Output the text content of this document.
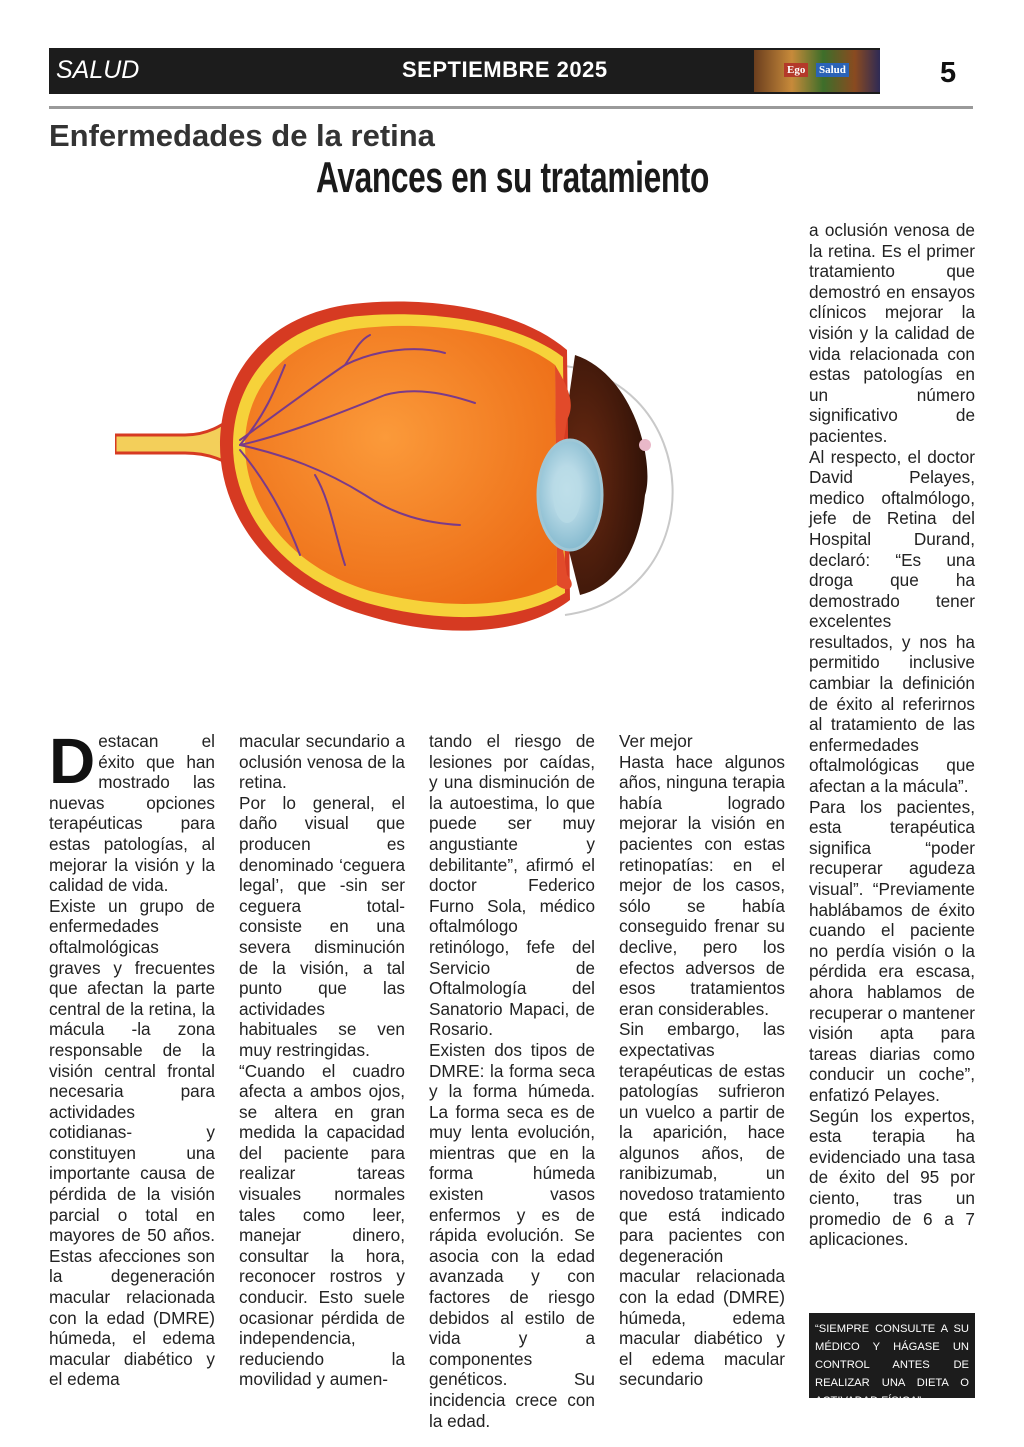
SALUD	SEPTIEMBRE 2025	Ego Salud	5
Enfermedades de la retina
Avances en su tratamiento
D estacan el éxito que han mostrado las nuevas opciones terapéuticas para estas patologías, al mejorar la visión y la calidad de vida.

Existe un grupo de enfermedades oftalmológicas graves y frecuentes que afectan la parte central de la retina, la mácula -la zona responsable de la visión central frontal necesaria para actividades cotidianas- y constituyen una importante causa de pérdida de la visión parcial o total en mayores de 50 años. Estas afecciones son la degeneración macular relacionada con la edad (DMRE) húmeda, el edema macular diabético y el edema

macular secundario a oclusión venosa de la retina.

Por lo general, el daño visual que producen es denominado ‘ceguera legal’, que -sin ser ceguera total- consiste en una severa disminución de la visión, a tal punto que las actividades habituales se ven muy restringidas.

“Cuando el cuadro afecta a ambos ojos, se altera en gran medida la capacidad del paciente para realizar tareas visuales normales tales como leer, manejar dinero, consultar la hora, reconocer rostros y conducir. Esto suele ocasionar pérdida de independencia, reduciendo la movilidad y aumen-

tando el riesgo de lesiones por caídas, y una disminución de la autoestima, lo que puede ser muy angustiante y debilitante”, afirmó el doctor Federico Furno Sola, médico oftalmólogo retinólogo, fefe del Servicio de Oftalmología del Sanatorio Mapaci, de Rosario.

Existen dos tipos de DMRE: la forma seca y la forma húmeda. La forma seca es de muy lenta evolución, mientras que en la forma húmeda existen vasos enfermos y es de rápida evolución. Se asocia con la edad avanzada y con factores de riesgo debidos al estilo de vida y a componentes genéticos. Su incidencia crece con la edad.

Ver mejor

Hasta hace algunos años, ninguna terapia había logrado mejorar la visión en pacientes con estas retinopatías: en el mejor de los casos, sólo se había conseguido frenar su declive, pero los efectos adversos de esos tratamientos eran considerables.

Sin embargo, las expectativas terapéuticas de estas patologías sufrieron un vuelco a partir de la aparición, hace algunos años, de ranibizumab, un novedoso tratamiento que está indicado para pacientes con degeneración macular relacionada con la edad (DMRE) húmeda, edema macular diabético y el edema macular secundario

a oclusión venosa de la retina. Es el primer tratamiento que demostró en ensayos clínicos mejorar la visión y la calidad de vida relacionada con estas patologías en un número significativo de pacientes.

Al respecto, el doctor David Pelayes, medico oftalmólogo, jefe de Retina del Hospital Durand, declaró: “Es una droga que ha demostrado tener excelentes resultados, y nos ha permitido inclusive cambiar la definición de éxito al referirnos al tratamiento de las enfermedades oftalmológicas que afectan a la mácula”.

Para los pacientes, esta terapéutica significa “poder recuperar agudeza visual”. “Previamente hablábamos de éxito cuando el paciente no perdía visión o la pérdida era escasa, ahora hablamos de recuperar o mantener visión apta para tareas diarias como conducir un coche”, enfatizó Pelayes.

Según los expertos, esta terapia ha evidenciado una tasa de éxito del 95 por ciento, tras un promedio de 6 a 7 aplicaciones.

“SIEMPRE CONSULTE A SU MÉDICO Y HÁGASE UN CONTROL ANTES DE REALIZAR UNA DIETA O ACTIVADAD FÍSICA”
